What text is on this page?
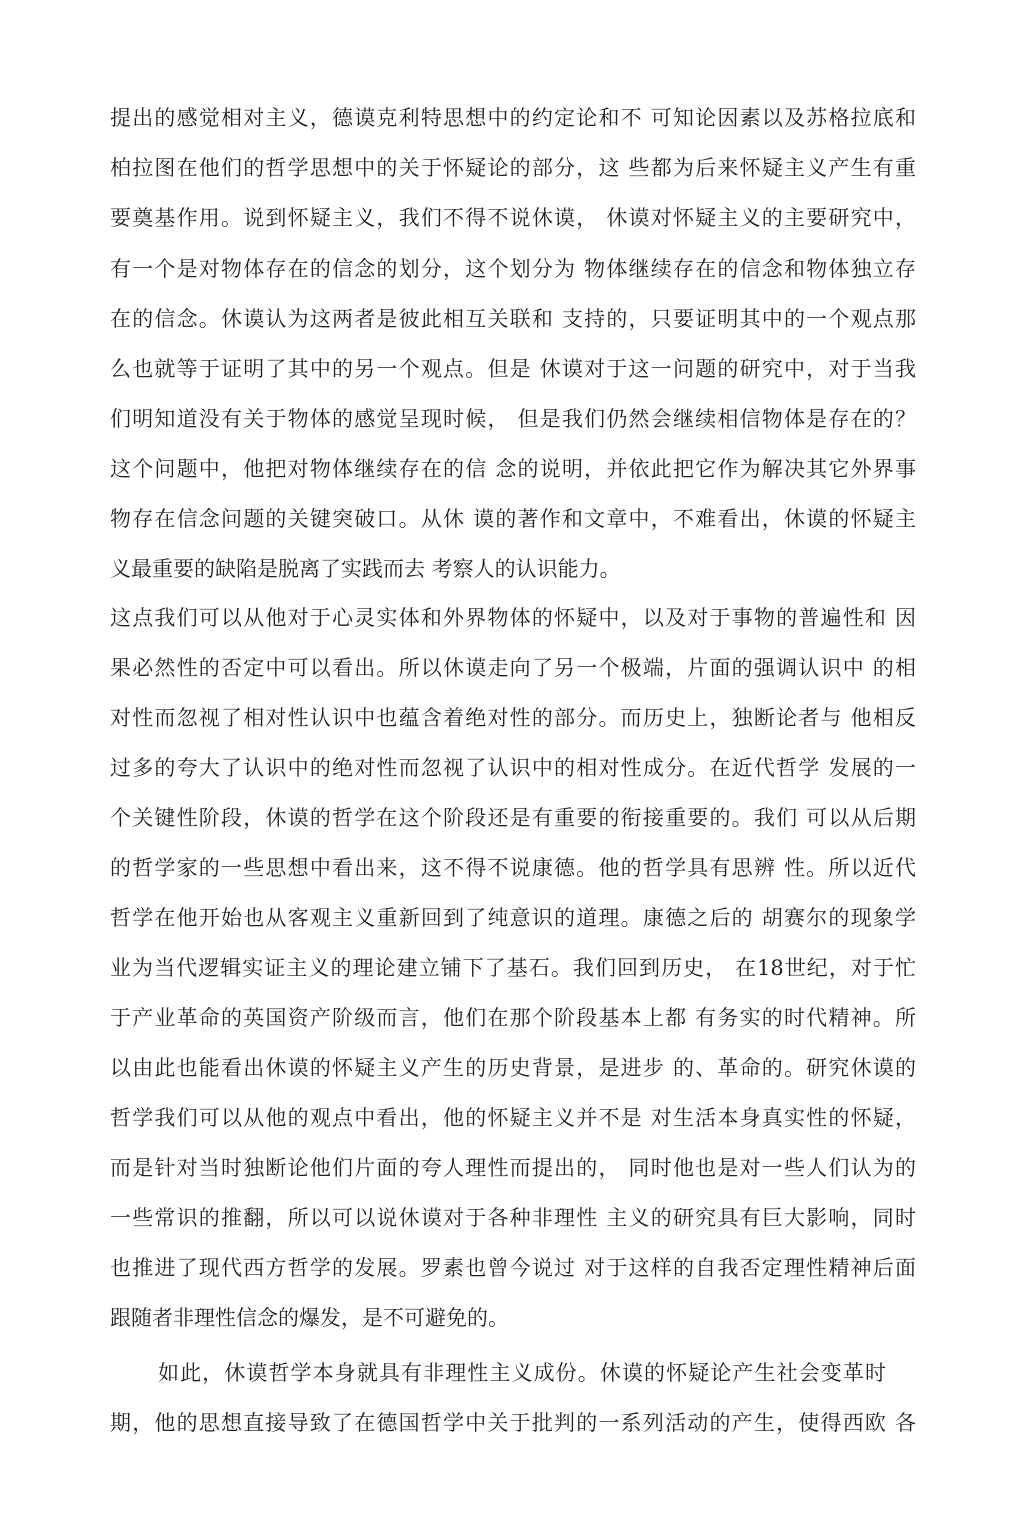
提出的感觉相对主义，德谟克利特思想中的约定论和不 可知论因素以及苏格拉底和
柏拉图在他们的哲学思想中的关于怀疑论的部分，这 些都为后来怀疑主义产生有重
要奠基作用。说到怀疑主义，我们不得不说休谟， 休谟对怀疑主义的主要研究中，
有一个是对物体存在的信念的划分，这个划分为 物体继续存在的信念和物体独立存
在的信念。休谟认为这两者是彼此相互关联和 支持的，只要证明其中的一个观点那
么也就等于证明了其中的另一个观点。但是 休谟对于这一问题的研究中，对于当我
们明知道没有关于物体的感觉呈现时候， 但是我们仍然会继续相信物体是存在的？
这个问题中，他把对物体继续存在的信 念的说明，并依此把它作为解决其它外界事
物存在信念问题的关键突破口。从休 谟的著作和文章中，不难看出，休谟的怀疑主
义最重要的缺陷是脱离了实践而去 考察人的认识能力。
这点我们可以从他对于心灵实体和外界物体的怀疑中，以及对于事物的普遍性和 因
果必然性的否定中可以看出。所以休谟走向了另一个极端，片面的强调认识中 的相
对性而忽视了相对性认识中也蕴含着绝对性的部分。而历史上，独断论者与 他相反
过多的夸大了认识中的绝对性而忽视了认识中的相对性成分。在近代哲学 发展的一
个关键性阶段，休谟的哲学在这个阶段还是有重要的衔接重要的。我们 可以从后期
的哲学家的一些思想中看出来，这不得不说康德。他的哲学具有思辨 性。所以近代
哲学在他开始也从客观主义重新回到了纯意识的道理。康德之后的 胡赛尔的现象学
业为当代逻辑实证主义的理论建立铺下了基石。我们回到历史， 在18世纪，对于忙
于产业革命的英国资产阶级而言，他们在那个阶段基本上都 有务实的时代精神。所
以由此也能看出休谟的怀疑主义产生的历史背景，是进步 的、革命的。研究休谟的
哲学我们可以从他的观点中看出，他的怀疑主义并不是 对生活本身真实性的怀疑，
而是针对当时独断论他们片面的夸人理性而提出的， 同时他也是对一些人们认为的
一些常识的推翻，所以可以说休谟对于各种非理性 主义的研究具有巨大影响，同时
也推进了现代西方哲学的发展。罗素也曾今说过 对于这样的自我否定理性精神后面
跟随者非理性信念的爆发，是不可避免的。
如此，休谟哲学本身就具有非理性主义成份。休谟的怀疑论产生社会变革时
期，他的思想直接导致了在德国哲学中关于批判的一系列活动的产生，使得西欧 各
